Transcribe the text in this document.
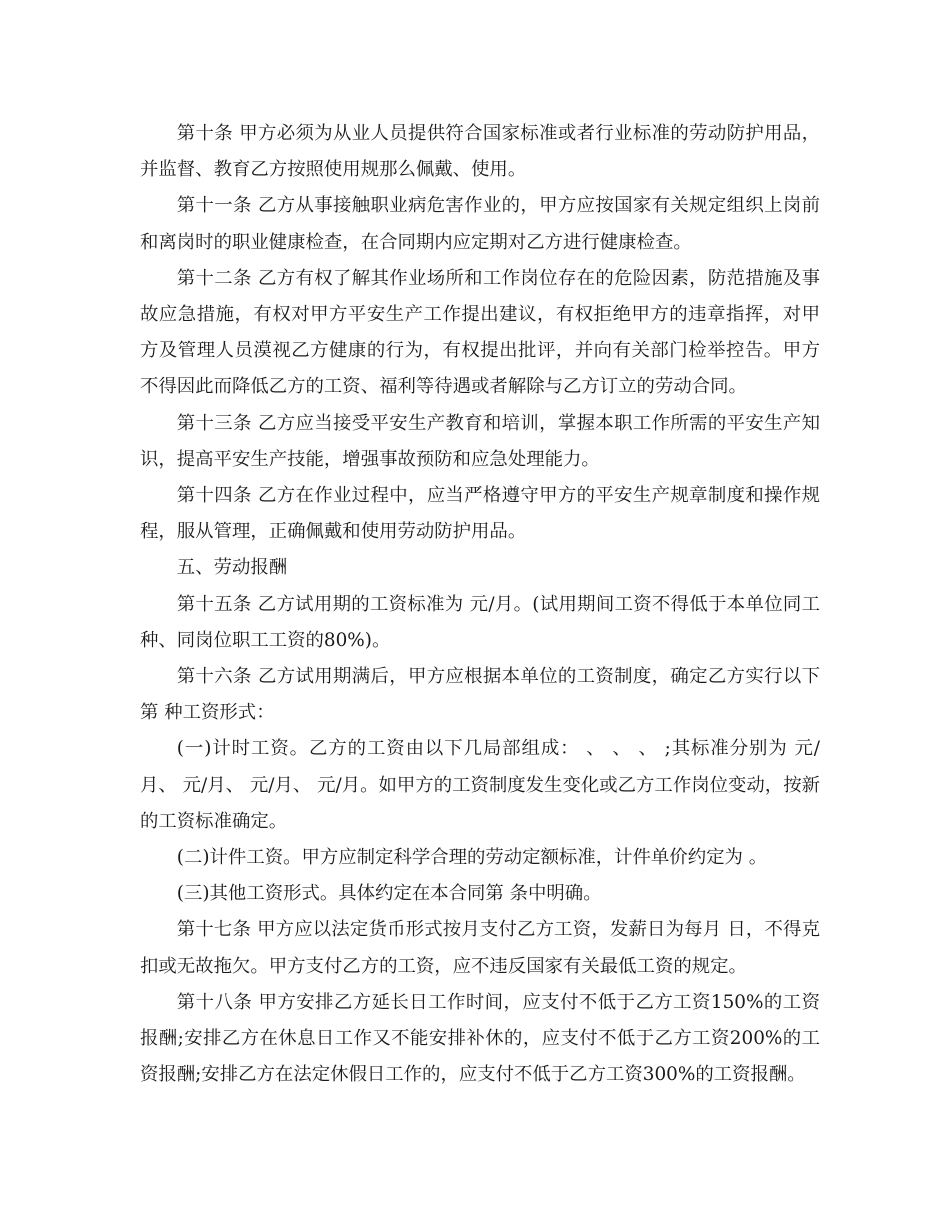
第十条 甲方必须为从业人员提供符合国家标准或者行业标准的劳动防护用品，并监督、教育乙方按照使用规那么佩戴、使用。

第十一条 乙方从事接触职业病危害作业的，甲方应按国家有关规定组织上岗前和离岗时的职业健康检查，在合同期内应定期对乙方进行健康检查。

第十二条 乙方有权了解其作业场所和工作岗位存在的危险因素，防范措施及事故应急措施，有权对甲方平安生产工作提出建议，有权拒绝甲方的违章指挥，对甲方及管理人员漠视乙方健康的行为，有权提出批评，并向有关部门检举控告。甲方不得因此而降低乙方的工资、福利等待遇或者解除与乙方订立的劳动合同。

第十三条 乙方应当接受平安生产教育和培训，掌握本职工作所需的平安生产知识，提高平安生产技能，增强事故预防和应急处理能力。

第十四条 乙方在作业过程中，应当严格遵守甲方的平安生产规章制度和操作规程，服从管理，正确佩戴和使用劳动防护用品。

五、劳动报酬

第十五条 乙方试用期的工资标准为 元/月。(试用期间工资不得低于本单位同工种、同岗位职工工资的80%)。

第十六条 乙方试用期满后，甲方应根据本单位的工资制度，确定乙方实行以下第 种工资形式：

(一)计时工资。乙方的工资由以下几局部组成： 、 、 、 ;其标准分别为 元/月、 元/月、 元/月、 元/月。如甲方的工资制度发生变化或乙方工作岗位变动，按新的工资标准确定。

(二)计件工资。甲方应制定科学合理的劳动定额标准，计件单价约定为 。

(三)其他工资形式。具体约定在本合同第 条中明确。

第十七条 甲方应以法定货币形式按月支付乙方工资，发薪日为每月 日，不得克扣或无故拖欠。甲方支付乙方的工资，应不违反国家有关最低工资的规定。

第十八条 甲方安排乙方延长日工作时间，应支付不低于乙方工资150%的工资报酬;安排乙方在休息日工作又不能安排补休的，应支付不低于乙方工资200%的工资报酬;安排乙方在法定休假日工作的，应支付不低于乙方工资300%的工资报酬。
